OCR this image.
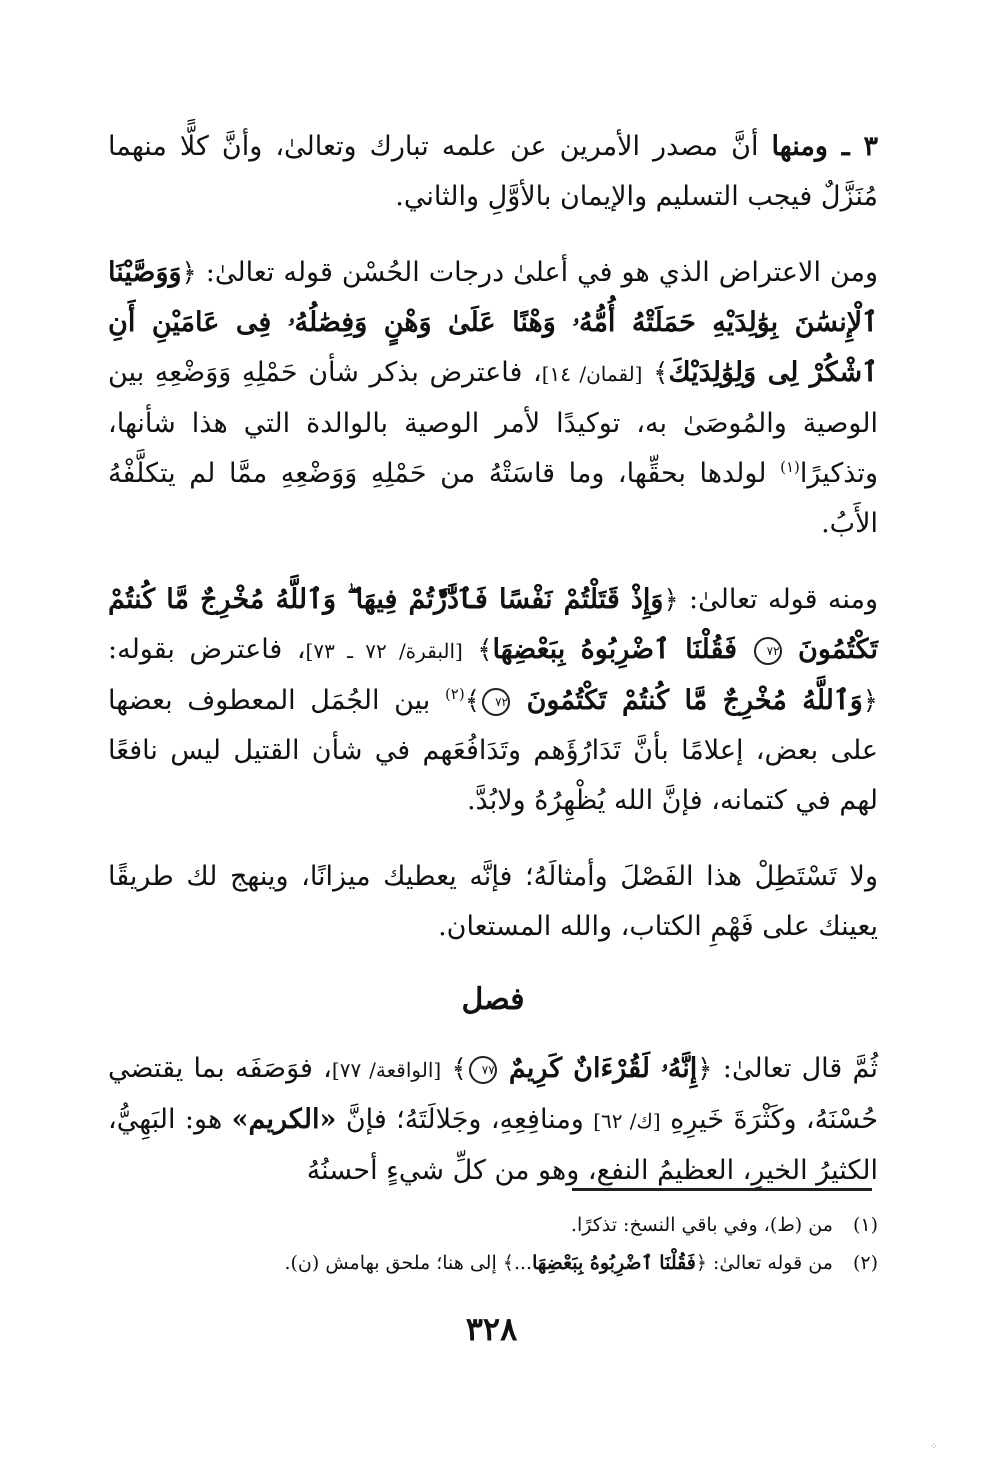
٣ ـ ومنها أنَّ مصدر الأمرين عن علمه تبارك وتعالىٰ، وأنَّ كلًّا منهما مُنَزَّلٌ فيجب التسليم والإيمان بالأوَّلِ والثاني.

ومن الاعتراض الذي هو في أعلىٰ درجات الحُسْن قوله تعالىٰ: ﴿وَوَصَّيْنَا ٱلْإِنسَٰنَ بِوَٰلِدَيْهِ حَمَلَتْهُ أُمُّهُۥ وَهْنًا عَلَىٰ وَهْنٍ وَفِصَٰلُهُۥ فِى عَامَيْنِ أَنِ ٱشْكُرْ لِى وَلِوَٰلِدَيْكَ﴾ [لقمان/ ١٤]، فاعترض بذكر شأن حَمْلِهِ وَوَضْعِهِ بين الوصية والمُوصَىٰ به، توكيدًا لأمر الوصية بالوالدة التي هذا شأنها، وتذكيرًا$^{(١)}$ لولدها بحقِّها، وما قاسَتْهُ من حَمْلِهِ وَوَضْعِهِ ممَّا لم يتكلَّفْهُ الأَبُ.

ومنه قوله تعالىٰ: ﴿وَإِذْ قَتَلْتُمْ نَفْسًا فَٱدَّٰرَْٰٔتُمْ فِيهَا ۖ وَٱللَّهُ مُخْرِجٌ مَّا كُنتُمْ تَكْتُمُونَ ٧٢ فَقُلْنَا ٱضْرِبُوهُ بِبَعْضِهَا﴾ [البقرة/ ٧٢ ـ ٧٣]، فاعترض بقوله: ﴿وَٱللَّهُ مُخْرِجٌ مَّا كُنتُمْ تَكْتُمُونَ ٧٢﴾$^{(٢)}$ بين الجُمَل المعطوف بعضها على بعض، إعلامًا بأنَّ تَدَارُؤَهم وتَدَافُعَهم في شأن القتيل ليس نافعًا لهم في كتمانه، فإنَّ الله يُظْهِرُهُ ولابُدَّ.

ولا تَسْتَطِلْ هذا الفَصْلَ وأمثالَهُ؛ فإنَّه يعطيك ميزانًا، وينهج لك طريقًا يعينك على فَهْمِ الكتاب، والله المستعان.

فصل

ثُمَّ قال تعالىٰ: ﴿إِنَّهُۥ لَقُرْءَانٌ كَرِيمٌ ٧٧﴾ [الواقعة/ ٧٧]، فوَصَفَه بما يقتضي حُسْنَهُ، وكَثْرَةَ خَيرِهِ [ك/ ٦٢] ومنافِعِهِ، وجَلالَتَهُ؛ فإنَّ «الكريم» هو: البَهِيُّ، الكثيرُ الخيرِ، العظيمُ النفعِ، وهو من كلِّ شيءٍ أحسنُهُ

(١) من (ط)، وفي باقي النسخ: تذكرًا.

(٢) من قوله تعالىٰ: ﴿فَقُلْنَا ٱضْرِبُوهُ بِبَعْضِهَا...﴾ إلى هنا؛ ملحق بهامش (ن).

٣٢٨
⁘
